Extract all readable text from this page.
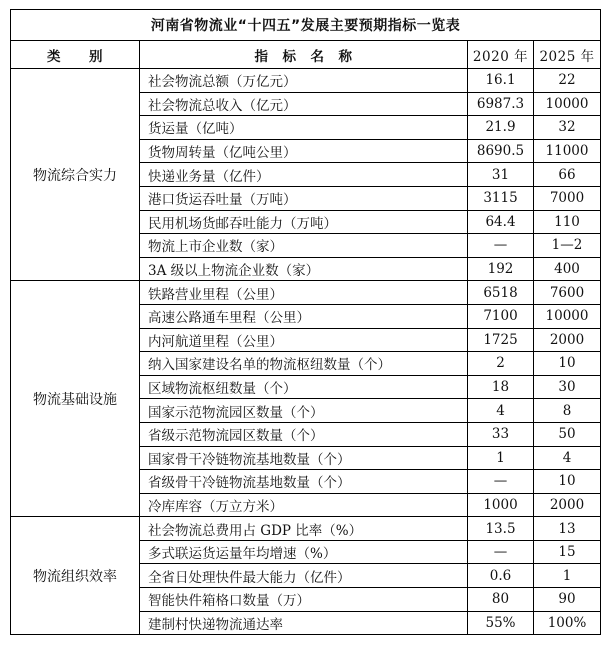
河南省物流业“十四五”发展主要预期指标一览表			
类　　别	指　标　名　称	2020 年	2025 年
物流综合实力	社会物流总额（万亿元）	16.1	22
	社会物流总收入（亿元）	6987.3	10000
	货运量（亿吨）	21.9	32
	货物周转量（亿吨公里）	8690.5	11000
	快递业务量（亿件）	31	66
	港口货运吞吐量（万吨）	3115	7000
	民用机场货邮吞吐能力（万吨）	64.4	110
	物流上市企业数（家）	—	1—2
	3A 级以上物流企业数（家）	192	400
物流基础设施	铁路营业里程（公里）	6518	7600
	高速公路通车里程（公里）	7100	10000
	内河航道里程（公里）	1725	2000
	纳入国家建设名单的物流枢纽数量（个）	2	10
	区域物流枢纽数量（个）	18	30
	国家示范物流园区数量（个）	4	8
	省级示范物流园区数量（个）	33	50
	国家骨干冷链物流基地数量（个）	1	4
	省级骨干冷链物流基地数量（个）	—	10
	冷库库容（万立方米）	1000	2000
物流组织效率	社会物流总费用占 GDP 比率（%）	13.5	13
	多式联运货运量年均增速（%）	—	15
	全省日处理快件最大能力（亿件）	0.6	1
	智能快件箱格口数量（万）	80	90
	建制村快递物流通达率	55%	100%
